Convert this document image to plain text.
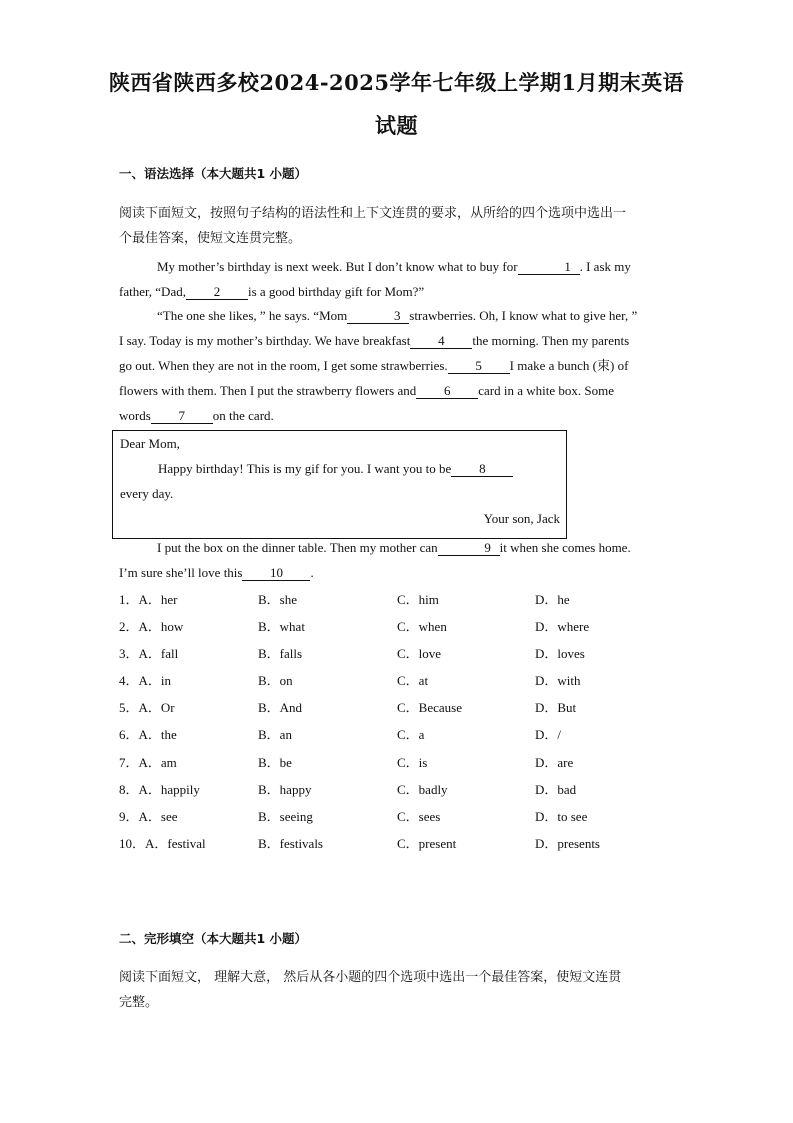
陕西省陕西多校2024-2025学年七年级上学期1月期末英语
试题
一、语法选择（本大题共1 小题）
阅读下面短文，按照句子结构的语法性和上下文连贯的要求，从所给的四个选项中选出一
个最佳答案，使短文连贯完整。
My mother’s birthday is next week. But I don’t know what to buy for	1 . I ask my
father, “Dad, 2 is a good birthday gift for Mom?”
“The one she likes, ” he says. “Mom	3 strawberries. Oh, I know what to give her, ”
I say. Today is my mother’s birthday. We have breakfast 4 the morning. Then my parents
go out. When they are not in the room, I get some strawberries. 5 I make a bunch (束) of
flowers with them. Then I put the strawberry flowers and 6 card in a white box. Some
words 7 on the card.
Dear Mom,
Happy birthday! This is my gif for you. I want you to be 8
every day.
Your son, Jack
I put the box on the dinner table. Then my mother can	9 it when she comes home.
I’m sure she’ll love this 10 .
1．A．her	B．she	C．him	D．he
2．A．how	B．what	C．when	D．where
3．A．fall	B．falls	C．love	D．loves
4．A．in	B．on	C．at	D．with
5．A．Or	B．And	C．Because	D．But
6．A．the	B．an	C．a	D．/
7．A．am	B．be	C．is	D．are
8．A．happily	B．happy	C．badly	D．bad
9．A．see	B．seeing	C．sees	D．to see
10．A．festival	B．festivals	C．present	D．presents
二、完形填空（本大题共1 小题）
阅读下面短文， 理解大意， 然后从各小题的四个选项中选出一个最佳答案，使短文连贯
完整。
